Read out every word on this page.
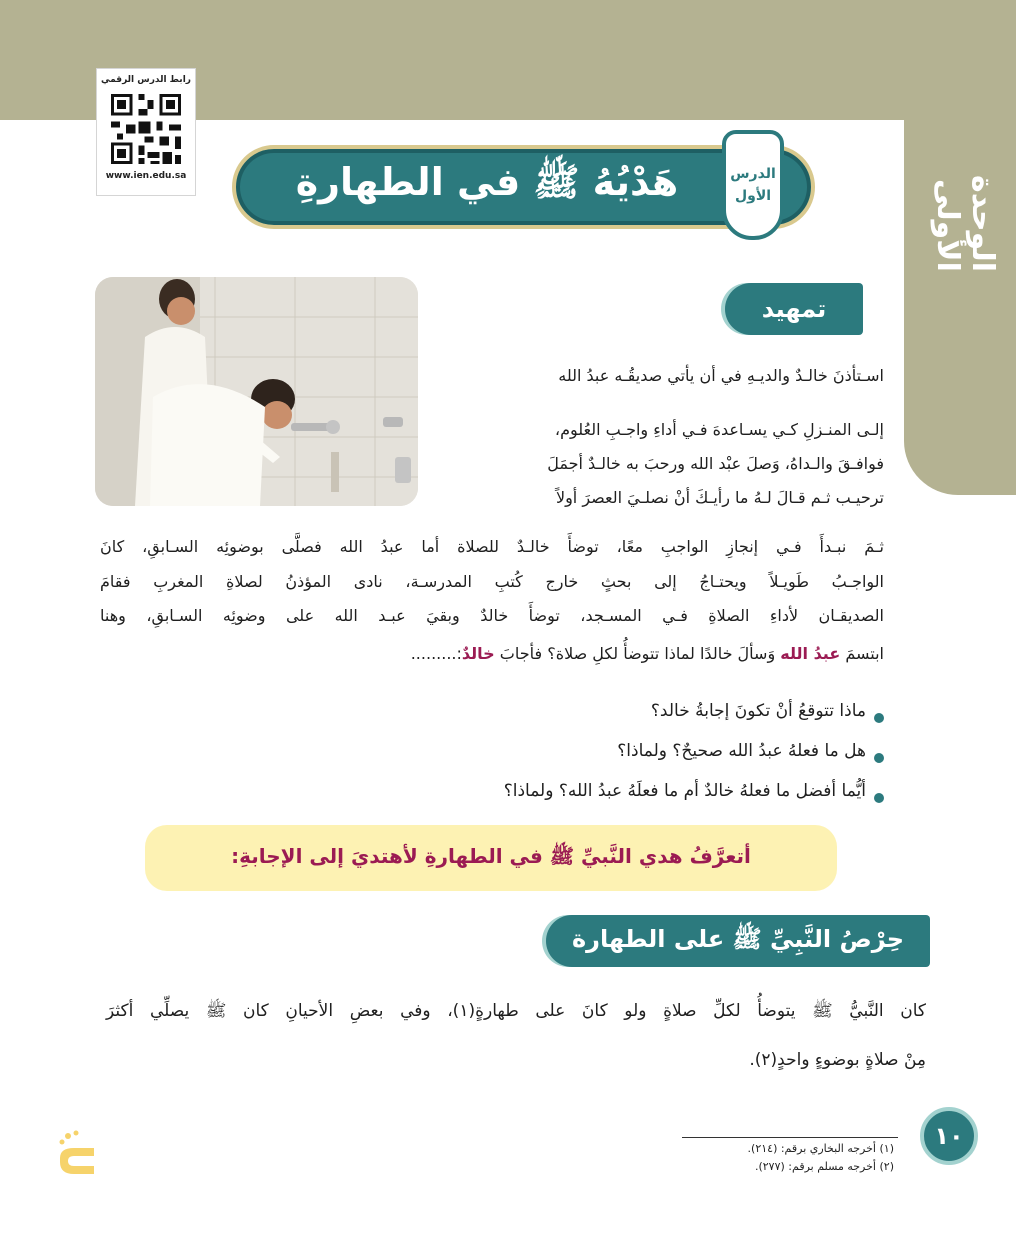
الوحدة الأولى
رابط الدرس الرقمي
www.ien.edu.sa	هَدْيُهُ ﷺ في الطهارةِ	الدرس
الأول
تمهيد
اسـتأذنَ خالـدٌ والديـهِ في أن يأتي صديقُـه عبدُ الله
إلـى المنـزلِ كـي يسـاعدهَ فـي أداءِ واجـبِ العُلوم،
فوافـقَ والـداهُ، وَصلَ عبْد الله ورحبَ به خالـدٌ أجمَلَ
ترحيـب ثـم قـالَ لـهُ ما رأيـكَ أنْ نصلـيَ العصرَ أولاً
ثـمَ نبـدأَ فـي إنجازِ الواجبِ معًا، توضأَ خالـدٌ للصلاة أما عبدُ الله فصلَّى بوضوئِه السـابقِ، كانَ
الواجـبُ طَويـلاً ويحتـاجُ إلى بحثٍ خارج كُتبِ المدرسـة، نادى المؤذنُ لصلاةِ المغربِ فقامَ
الصديقـان لأداءِ الصلاةِ فـي المسـجد، توضأَ خالدٌ وبقيَ عبـد الله على وضوئِه السـابقِ، وهنا
ابتسمَ عبدُ الله وَسألَ خالدًا لماذا تتوضأُ لكلِ صلاة؟ فأجابَ خالدٌ:.........
ماذا تتوقعُ أنْ تكونَ إجابةُ خالد؟
هل ما فعلهُ عبدُ الله صحيحٌ؟ ولماذا؟
أيُّما أفضل ما فعلهُ خالدٌ أم ما فعلَهُ عبدُ الله؟ ولماذا؟
أتعرَّفُ هدي النَّبيِّ ﷺ في الطهارةِ لأهتديَ إلى الإجابةِ:
حِرْصُ النَّبِيِّ ﷺ على الطهارة
كان النَّبيُّ ﷺ يتوضأُ لكلِّ صلاةٍ ولو كانَ على طهارةٍ(١)، وفي بعضِ الأحيانِ كان ﷺ يصلِّي أكثرَ
مِنْ صلاةٍ بوضوءٍ واحدٍ(٢).
١٠
(١) أخرجه البخاري برقم: (٢١٤).
(٢) أخرجه مسلم برقم: (٢٧٧).
